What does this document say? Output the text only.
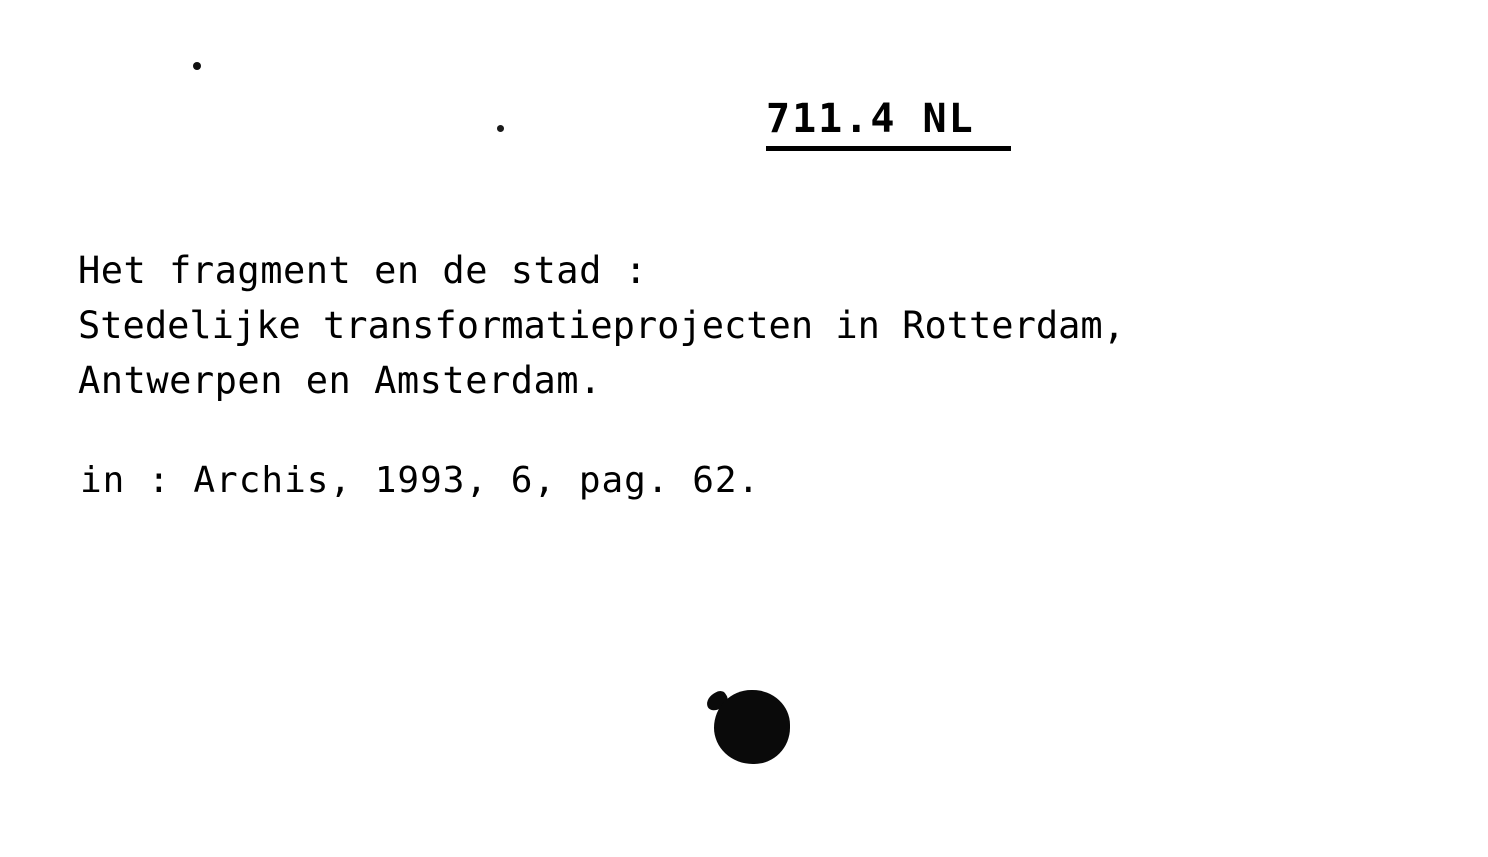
711.4 NL
Het fragment en de stad :
Stedelijke transformatieprojecten in Rotterdam,
Antwerpen en Amsterdam.
in : Archis, 1993, 6, pag. 62.
